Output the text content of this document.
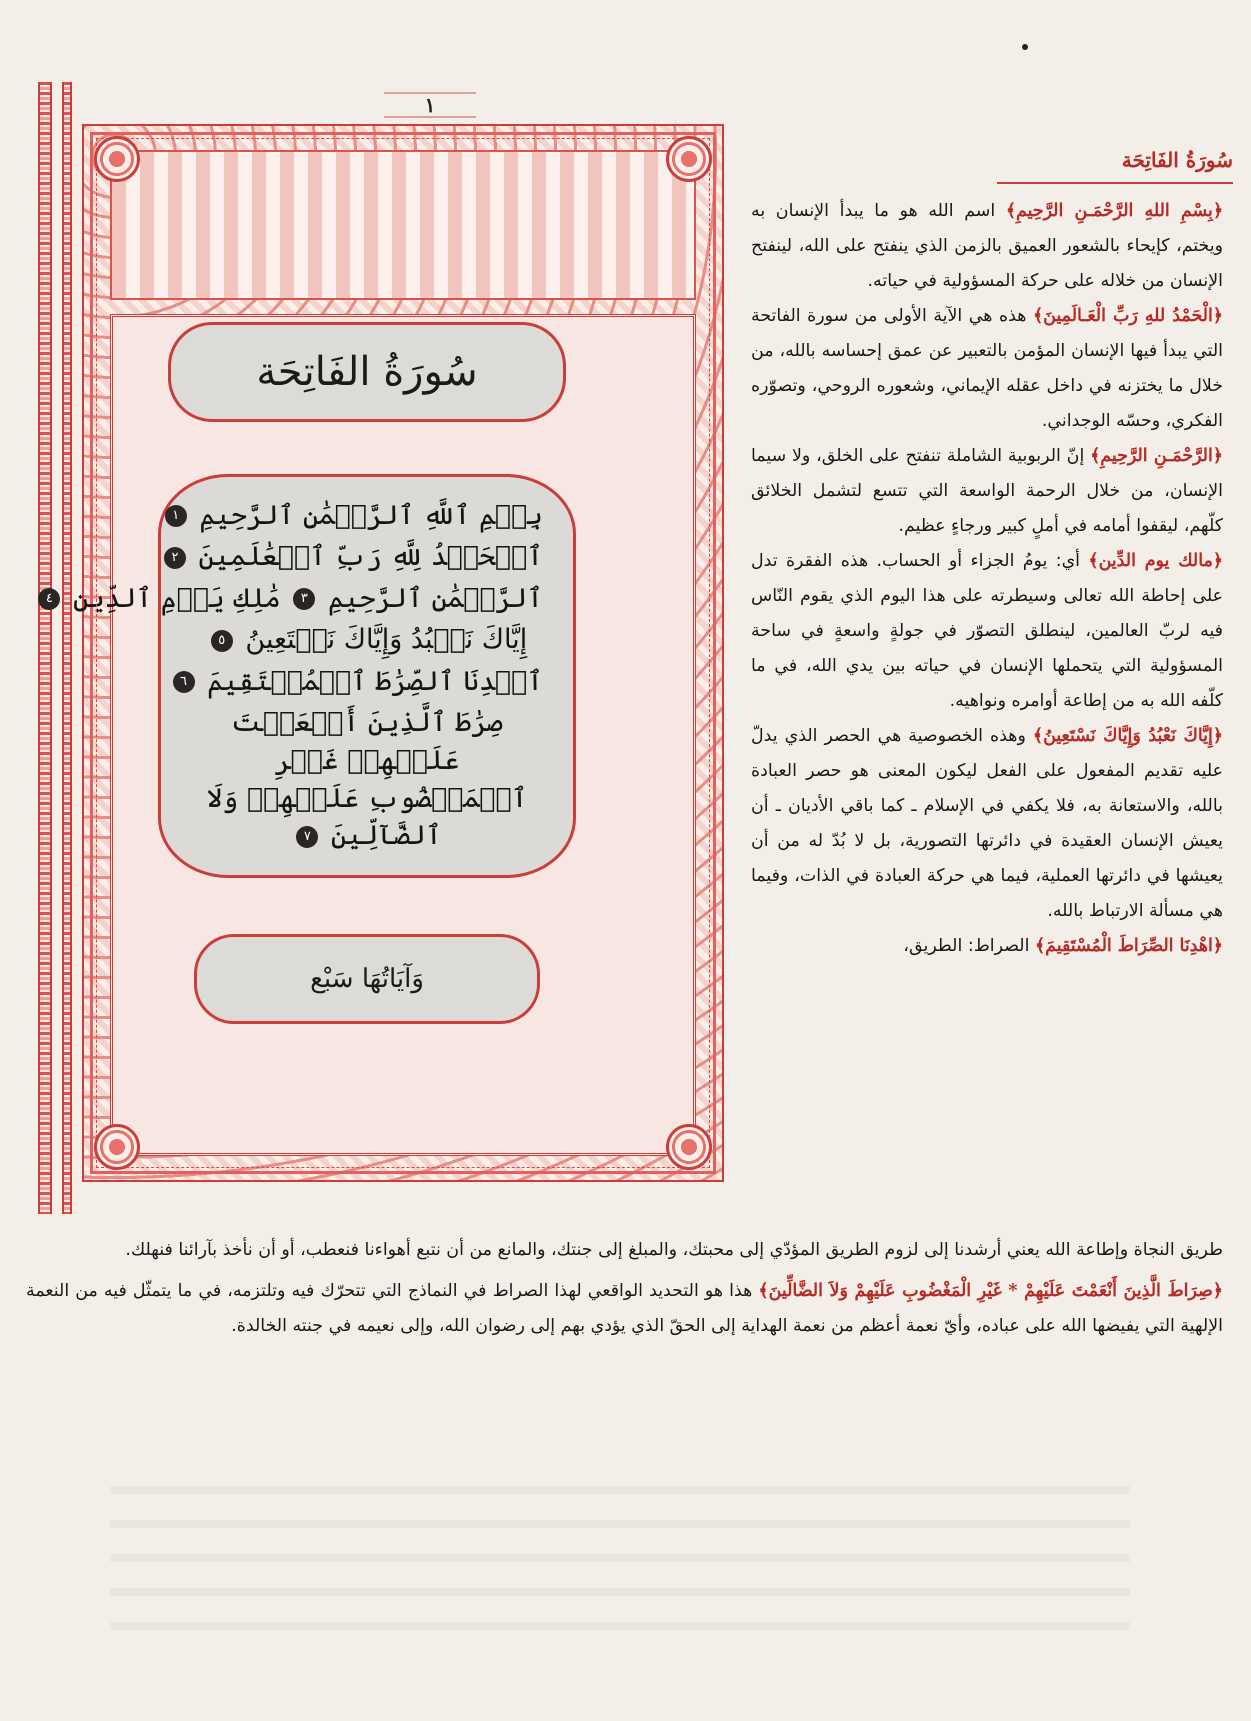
١
سُورَةُ الفَاتِحَة
بِسۡمِ ٱللَّهِ ٱلرَّحۡمَٰنِ ٱلرَّحِيمِ ١
ٱلۡحَمۡدُ لِلَّهِ رَبِّ ٱلۡعَٰلَمِينَ ٢
ٱلرَّحۡمَٰنِ ٱلرَّحِيمِ ٣ مَٰلِكِ يَوۡمِ ٱلدِّينِ ٤
إِيَّاكَ نَعۡبُدُ وَإِيَّاكَ نَسۡتَعِينُ ٥
ٱهۡدِنَا ٱلصِّرَٰطَ ٱلۡمُسۡتَقِيمَ ٦
صِرَٰطَ ٱلَّذِينَ أَنۡعَمۡتَ عَلَيۡهِمۡ غَيۡرِ ٱلۡمَغۡضُوبِ عَلَيۡهِمۡ وَلَا ٱلضَّآلِّينَ ٧
وَآيَاتُهَا سَبْع
سُورَةُ الفَاتِحَة

﴿بِسْمِ اللهِ الرَّحْمَـنِ الرَّحِيمِ﴾ اسم الله هو ما يبدأ الإنسان به ويختم، كإيحاء بالشعور العميق بالزمن الذي ينفتح على الله، لينفتح الإنسان من خلاله على حركة المسؤولية في حياته.

﴿الْحَمْدُ للهِ رَبِّ الْعَـالَمِينَ﴾ هذه هي الآية الأولى من سورة الفاتحة التي يبدأ فيها الإنسان المؤمن بالتعبير عن عمق إحساسه بالله، من خلال ما يختزنه في داخل عقله الإيماني، وشعوره الروحي، وتصوّره الفكري، وحسّه الوجداني.

﴿الرَّحْمَـنِ الرَّحِيمِ﴾ إنّ الربوبية الشاملة تنفتح على الخلق، ولا سيما الإنسان، من خلال الرحمة الواسعة التي تتسع لتشمل الخلائق كلّهم، ليقفوا أمامه في أملٍ كبير ورجاءٍ عظيم.

﴿مالك يوم الدِّين﴾ أي: يومُ الجزاء أو الحساب. هذه الفقرة تدل على إحاطة الله تعالى وسيطرته على هذا اليوم الذي يقوم النّاس فيه لربّ العالمين، لينطلق التصوّر في جولةٍ واسعةٍ في ساحة المسؤولية التي يتحملها الإنسان في حياته بين يدي الله، في ما كلّفه الله به من إطاعة أوامره ونواهيه.

﴿إِيَّاكَ نَعْبُدُ وَإِيَّاكَ نَسْتَعِينُ﴾ وهذه الخصوصية هي الحصر الذي يدلّ عليه تقديم المفعول على الفعل ليكون المعنى هو حصر العبادة بالله، والاستعانة به، فلا يكفي في الإسلام ـ كما باقي الأديان ـ أن يعيش الإنسان العقيدة في دائرتها التصورية، بل لا بُدّ له من أن يعيشها في دائرتها العملية، فيما هي حركة العبادة في الذات، وفيما هي مسألة الارتباط بالله.

﴿اهْدِنَا الصِّرَاطَ الْمُسْتَقِيمَ﴾ الصراط: الطريق،

طريق النجاة وإطاعة الله يعني أرشدنا إلى لزوم الطريق المؤدّي إلى محبتك، والمبلغ إلى جنتك، والمانع من أن نتبع أهواءنا فنعطب، أو أن نأخذ بآرائنا فنهلك.

﴿صِرَاطَ الَّذِينَ أَنْعَمْتَ عَلَيْهِمْ * غَيْرِ الْمَغْضُوبِ عَلَيْهِمْ وَلاَ الضَّالِّينَ﴾ هذا هو التحديد الواقعي لهذا الصراط في النماذج التي تتحرّك فيه وتلتزمه، في ما يتمثّل فيه من النعمة الإلهية التي يفيضها الله على عباده، وأيّ نعمة أعظم من نعمة الهداية إلى الحقّ الذي يؤدي بهم إلى رضوان الله، وإلى نعيمه في جنته الخالدة.
